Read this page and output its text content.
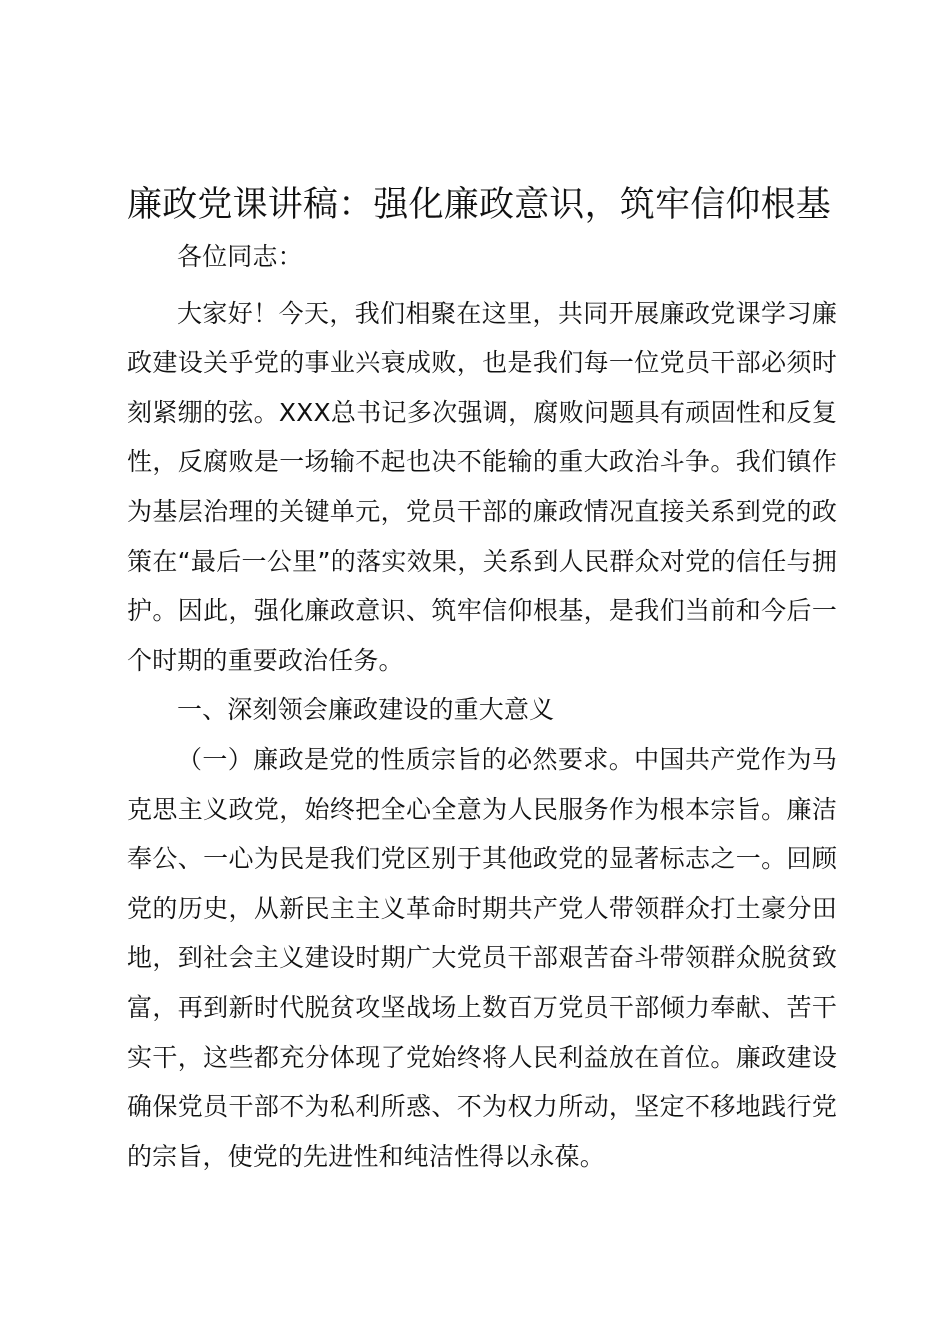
廉政党课讲稿：强化廉政意识，筑牢信仰根基

各位同志：

大家好！今天，我们相聚在这里，共同开展廉政党课学习廉政建设关乎党的事业兴衰成败，也是我们每一位党员干部必须时刻紧绷的弦。XXX总书记多次强调，腐败问题具有顽固性和反复性，反腐败是一场输不起也决不能输的重大政治斗争。我们镇作为基层治理的关键单元，党员干部的廉政情况直接关系到党的政策在“最后一公里”的落实效果，关系到人民群众对党的信任与拥护。因此，强化廉政意识、筑牢信仰根基，是我们当前和今后一个时期的重要政治任务。

一、深刻领会廉政建设的重大意义

（一）廉政是党的性质宗旨的必然要求。中国共产党作为马克思主义政党，始终把全心全意为人民服务作为根本宗旨。廉洁奉公、一心为民是我们党区别于其他政党的显著标志之一。回顾党的历史，从新民主主义革命时期共产党人带领群众打土豪分田地，到社会主义建设时期广大党员干部艰苦奋斗带领群众脱贫致富，再到新时代脱贫攻坚战场上数百万党员干部倾力奉献、苦干实干，这些都充分体现了党始终将人民利益放在首位。廉政建设确保党员干部不为私利所惑、不为权力所动，坚定不移地践行党的宗旨，使党的先进性和纯洁性得以永葆。
